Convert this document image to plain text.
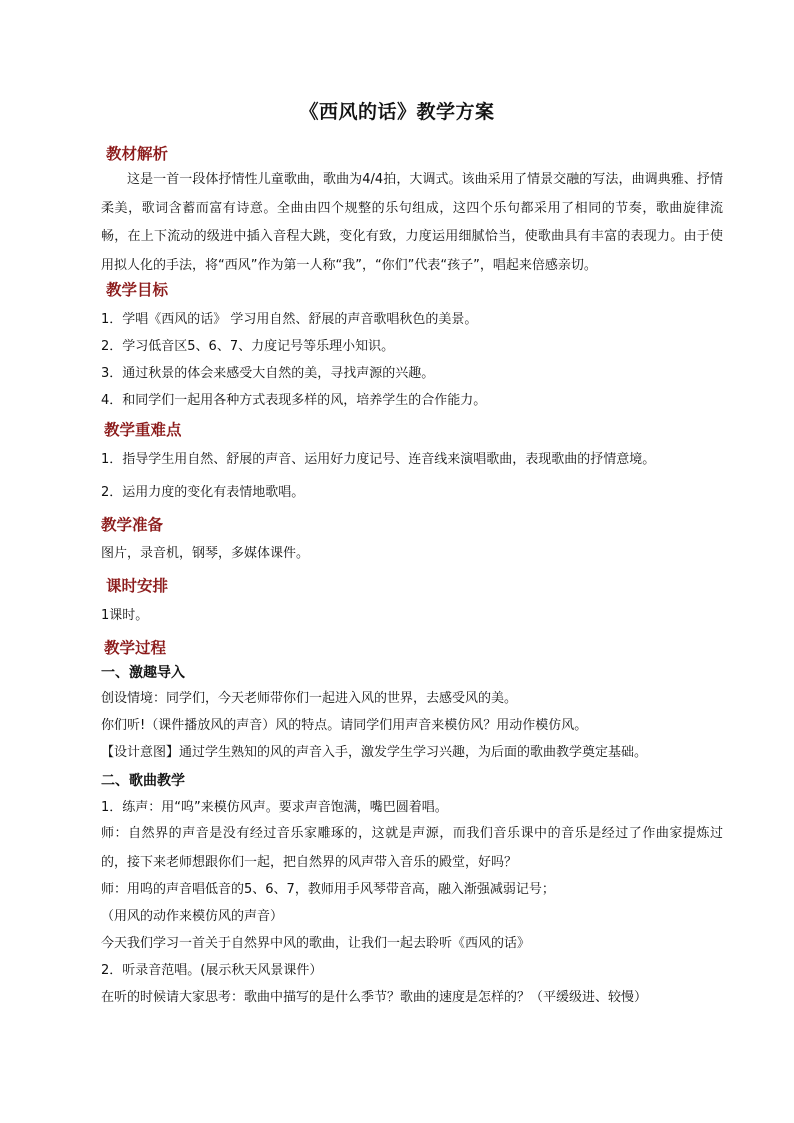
《西风的话》教学方案
教材解析
这是一首一段体抒情性儿童歌曲，歌曲为4/4拍，大调式。该曲采用了情景交融的写法，曲调典雅、抒情柔美，歌词含蓄而富有诗意。全曲由四个规整的乐句组成，这四个乐句都采用了相同的节奏，歌曲旋律流畅，在上下流动的级进中插入音程大跳，变化有致，力度运用细腻恰当，使歌曲具有丰富的表现力。由于使用拟人化的手法，将“西风”作为第一人称“我”，“你们”代表“孩子”，唱起来倍感亲切。
教学目标
1．学唱《西风的话》 学习用自然、舒展的声音歌唱秋色的美景。
2．学习低音区5、6、7、力度记号等乐理小知识。
3．通过秋景的体会来感受大自然的美，寻找声源的兴趣。
4．和同学们一起用各种方式表现多样的风，培养学生的合作能力。
教学重难点
1．指导学生用自然、舒展的声音、运用好力度记号、连音线来演唱歌曲，表现歌曲的抒情意境。
2．运用力度的变化有表情地歌唱。
教学准备
图片，录音机，钢琴，多媒体课件。
课时安排
1课时。
教学过程
一、激趣导入
创设情境：同学们，今天老师带你们一起进入风的世界，去感受风的美。
你们听!（课件播放风的声音）风的特点。请同学们用声音来模仿风？用动作模仿风。
【设计意图】通过学生熟知的风的声音入手，激发学生学习兴趣，为后面的歌曲教学奠定基础。
二、歌曲教学
1．练声：用“呜”来模仿风声。要求声音饱满，嘴巴圆着唱。
师：自然界的声音是没有经过音乐家雕琢的，这就是声源，而我们音乐课中的音乐是经过了作曲家提炼过的，接下来老师想跟你们一起，把自然界的风声带入音乐的殿堂，好吗？
师：用呜的声音唱低音的5、6、7，教师用手风琴带音高，融入渐强减弱记号；
（用风的动作来模仿风的声音）
今天我们学习一首关于自然界中风的歌曲，让我们一起去聆听《西风的话》
2．听录音范唱。(展示秋天风景课件）
在听的时候请大家思考：歌曲中描写的是什么季节？歌曲的速度是怎样的？（平缓级进、较慢）
